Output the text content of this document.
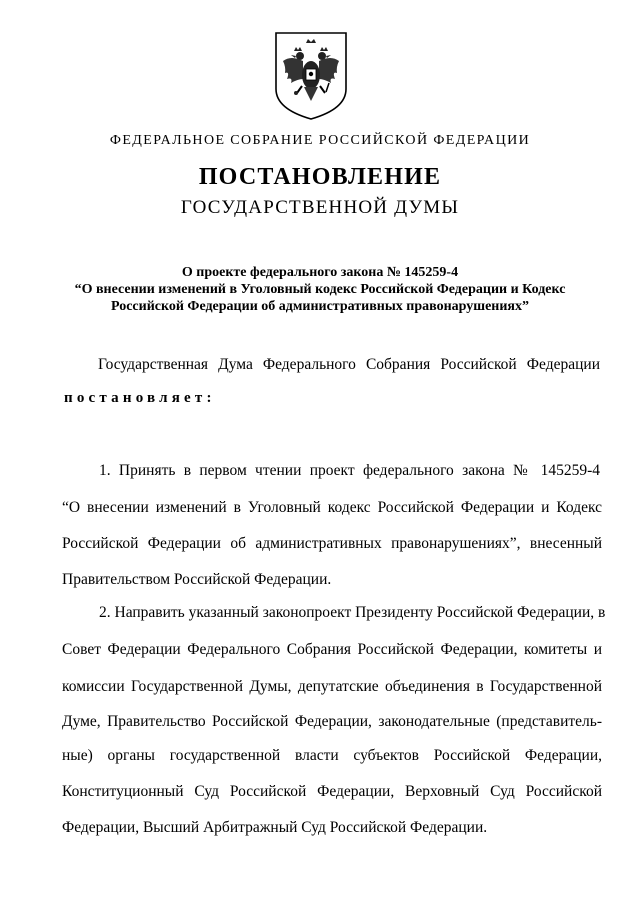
ФЕДЕРАЛЬНОЕ СОБРАНИЕ РОССИЙСКОЙ ФЕДЕРАЦИИ
ПОСТАНОВЛЕНИЕ
ГОСУДАРСТВЕННОЙ ДУМЫ
О проекте федерального закона № 145259-4
“О внесении изменений в Уголовный кодекс Российской Федерации и Кодекс
Российской Федерации об административных правонарушениях”
Государственная Дума Федерального Собрания Российской Федерации
постановляет:
1. Принять в первом чтении проект федерального закона № 145259-4
“О внесении изменений в Уголовный кодекс Российской Федерации и Кодекс
Российской Федерации об административных правонарушениях”, внесенный
Правительством Российской Федерации.
2. Направить указанный законопроект Президенту Российской Федерации, в
Совет Федерации Федерального Собрания Российской Федерации, комитеты и
комиссии Государственной Думы, депутатские объединения в Государственной
Думе, Правительство Российской Федерации, законодательные (представитель-
ные) органы государственной власти субъектов Российской Федерации,
Конституционный Суд Российской Федерации, Верховный Суд Российской
Федерации, Высший Арбитражный Суд Российской Федерации.
